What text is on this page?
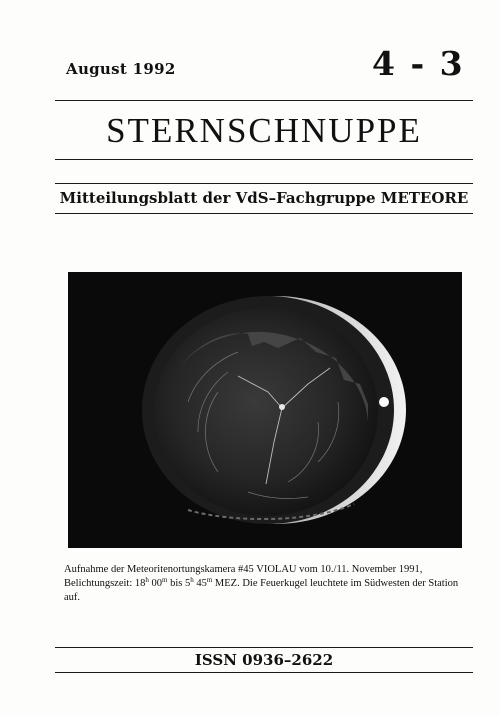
August 1992	4 - 3
STERNSCHNUPPE
Mitteilungsblatt der VdS–Fachgruppe METEORE
Aufnahme der Meteoritenortungskamera #45 VIOLAU vom 10./11. November 1991, Belichtungszeit: 18$^h$ 00$^m$ bis 5$^h$ 45$^m$ MEZ. Die Feuerkugel leuchtete im Südwesten der Station auf.
ISSN 0936–2622
